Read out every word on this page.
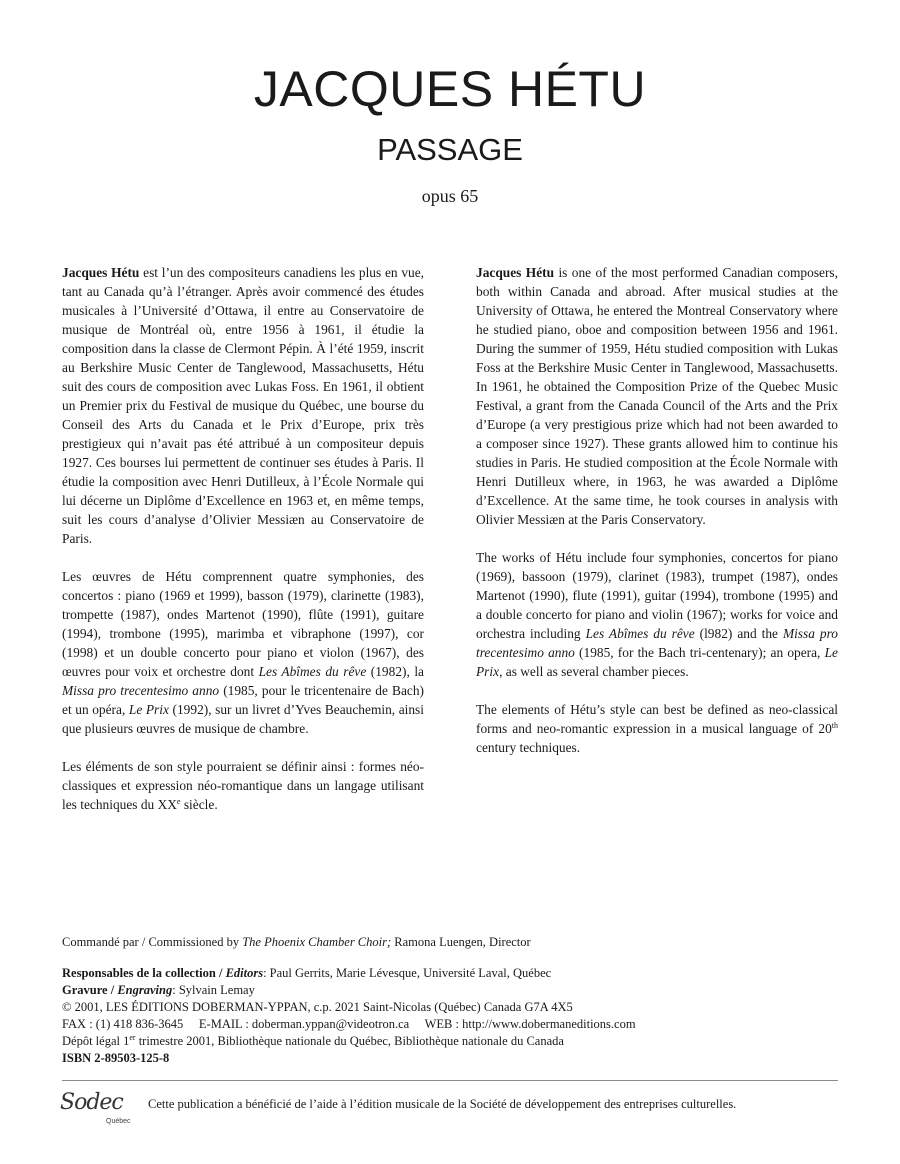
JACQUES HÉTU
PASSAGE
opus 65

Jacques Hétu est l’un des compositeurs canadiens les plus en vue, tant au Canada qu’à l’étranger. Après avoir commencé des études musicales à l’Université d’Ottawa, il entre au Conservatoire de musique de Montréal où, entre 1956 à 1961, il étudie la composition dans la classe de Clermont Pépin. À l’été 1959, inscrit au Berkshire Music Center de Tanglewood, Massachusetts, Hétu suit des cours de composition avec Lukas Foss. En 1961, il obtient un Premier prix du Festival de musique du Québec, une bourse du Conseil des Arts du Canada et le Prix d’Europe, prix très prestigieux qui n’avait pas été attribué à un compositeur depuis 1927. Ces bourses lui permettent de continuer ses études à Paris. Il étudie la composition avec Henri Dutilleux, à l’École Normale qui lui décerne un Diplôme d’Excellence en 1963 et, en même temps, suit les cours d’analyse d’Olivier Messiæn au Conservatoire de Paris.

Les œuvres de Hétu comprennent quatre symphonies, des concertos : piano (1969 et 1999), basson (1979), clarinette (1983), trompette (1987), ondes Martenot (1990), flûte (1991), guitare (1994), trombone (1995), marimba et vibraphone (1997), cor (1998) et un double concerto pour piano et violon (1967), des œuvres pour voix et orchestre dont Les Abîmes du rêve (1982), la Missa pro trecentesimo anno (1985, pour le tricentenaire de Bach) et un opéra, Le Prix (1992), sur un livret d’Yves Beauchemin, ainsi que plusieurs œuvres de musique de chambre.

Les éléments de son style pourraient se définir ainsi : formes néo-classiques et expression néo-romantique dans un langage utilisant les techniques du XXe siècle.

Jacques Hétu is one of the most performed Canadian composers, both within Canada and abroad. After musical studies at the University of Ottawa, he entered the Montreal Conservatory where he studied piano, oboe and composition between 1956 and 1961. During the summer of 1959, Hétu studied composition with Lukas Foss at the Berkshire Music Center in Tanglewood, Massachusetts. In 1961, he obtained the Composition Prize of the Quebec Music Festival, a grant from the Canada Council of the Arts and the Prix d’Europe (a very prestigious prize which had not been awarded to a composer since 1927). These grants allowed him to continue his studies in Paris. He studied composition at the École Normale with Henri Dutilleux where, in 1963, he was awarded a Diplôme d’Excellence. At the same time, he took courses in analysis with Olivier Messiæn at the Paris Conservatory.

The works of Hétu include four symphonies, concertos for piano (1969), bassoon (1979), clarinet (1983), trumpet (1987), ondes Martenot (1990), flute (1991), guitar (1994), trombone (1995) and a double concerto for piano and violin (1967); works for voice and orchestra including Les Abîmes du rêve (l982) and the Missa pro trecentesimo anno (1985, for the Bach tri-centenary); an opera, Le Prix, as well as several chamber pieces.

The elements of Hétu’s style can best be defined as neo-classical forms and neo-romantic expression in a musical language of 20th century techniques.

Commandé par / Commissioned by The Phoenix Chamber Choir; Ramona Luengen, Director
Responsables de la collection / Editors: Paul Gerrits, Marie Lévesque, Université Laval, Québec
Gravure / Engraving: Sylvain Lemay
© 2001, LES ÉDITIONS DOBERMAN-YPPAN, c.p. 2021 Saint-Nicolas (Québec) Canada G7A 4X5
FAX : (1) 418 836-3645     E-MAIL : doberman.yppan@videotron.ca     WEB : http://www.dobermaneditions.com
Dépôt légal 1er trimestre 2001, Bibliothèque nationale du Québec, Bibliothèque nationale du Canada
ISBN 2-89503-125-8
Sodec
Québec
Cette publication a bénéficié de l’aide à l’édition musicale de la Société de développement des entreprises culturelles.
